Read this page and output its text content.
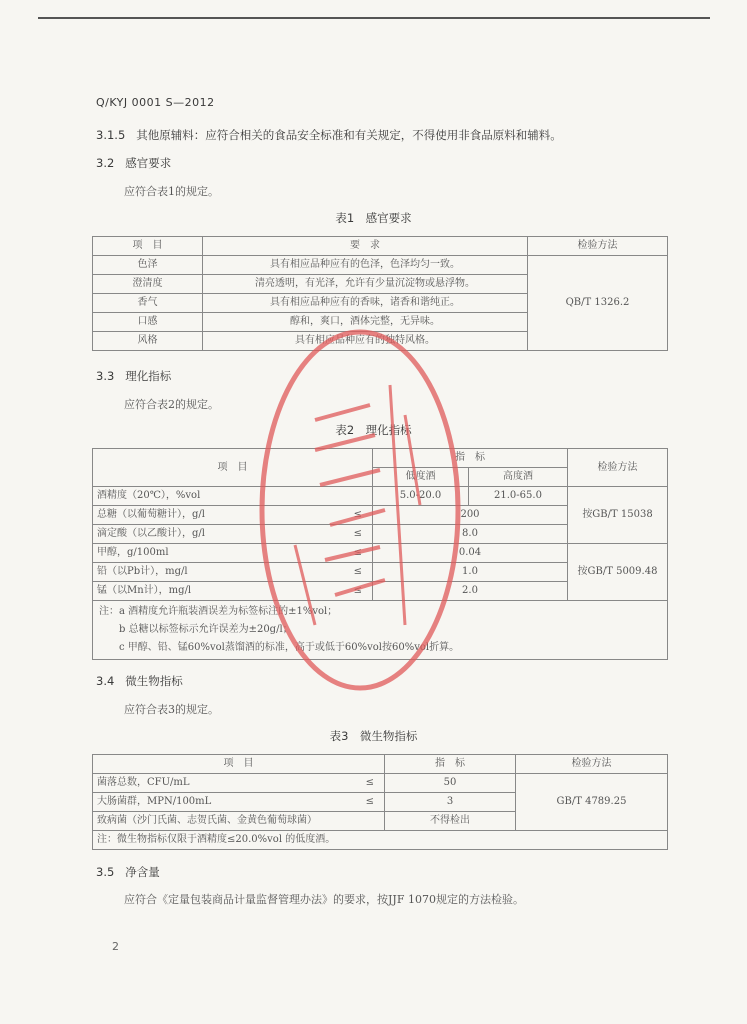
Q/KYJ 0001 S—2012
3.1.5 其他原辅料：应符合相关的食品安全标准和有关规定，不得使用非食品原料和辅料。
3.2 感官要求
应符合表1的规定。
表1　感官要求
项　目	要　求	检验方法
色泽	具有相应品种应有的色泽，色泽均匀一致。	QB/T 1326.2
澄清度	清亮透明，有光泽，允许有少量沉淀物或悬浮物。	
香气	具有相应品种应有的香味，诸香和谐纯正。	
口感	醇和，爽口，酒体完整，无异味。	
风格	具有相应品种应有的独特风格。	
3.3 理化指标
应符合表2的规定。
表2　理化指标
项　目	指　标		检验方法
	低度酒	高度酒	
酒精度（20℃），%vol	5.0-20.0	21.0-65.0	按GB/T 15038

总糖（以葡萄糖计），g/l ≤	200		

滴定酸（以乙酸计），g/l ≤	8.0		

甲醇，g/100ml ≤	0.04		按GB/T 5009.48

铅（以Pb计），mg/l ≤	1.0		

锰（以Mn计），mg/l ≤	2.0		

注：a 酒精度允许瓶装酒误差为标签标注的±1%vol；
b 总糖以标签标示允许误差为±20g/l；
c 甲醇、铅、锰60%vol蒸馏酒的标准，高于或低于60%vol按60%vol折算。			
3.4 微生物指标
应符合表3的规定。
表3　微生物指标
项　目	指　标	检验方法

菌落总数，CFU/mL ≤	50	GB/T 4789.25

大肠菌群，MPN/100mL ≤	3	
致病菌（沙门氏菌、志贺氏菌、金黄色葡萄球菌）	不得检出	
注：微生物指标仅限于酒精度≤20.0%vol 的低度酒。		
3.5 净含量
应符合《定量包装商品计量监督管理办法》的要求，按JJF 1070规定的方法检验。
2
